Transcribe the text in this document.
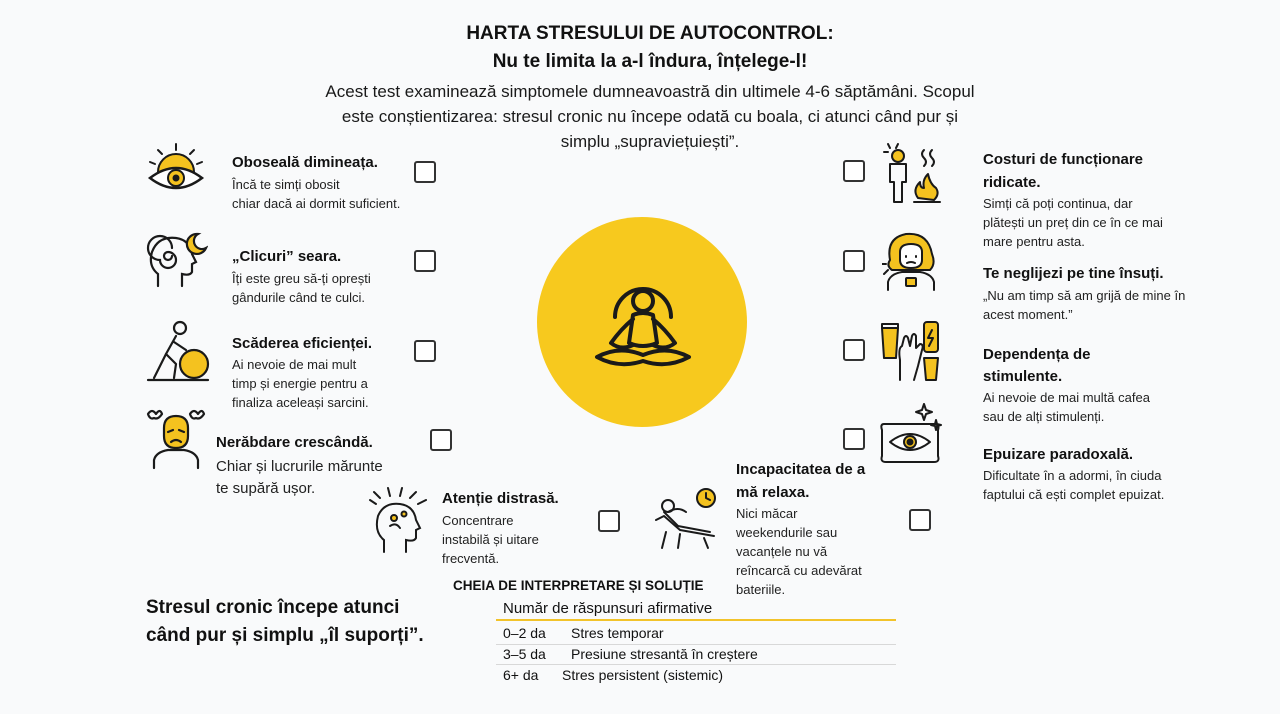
HARTA STRESULUI DE AUTOCONTROL:
Nu te limita la a-l îndura, înțelege-l!
Acest test examinează simptomele dumneavoastră din ultimele 4-6 săptămâni. Scopul
este conștientizarea: stresul cronic nu începe odată cu boala, ci atunci când pur și
simplu „supraviețuiești”.
Oboseală dimineața.
Încă te simți obosit
chiar dacă ai dormit suficient.
„Clicuri” seara.
Îți este greu să-ți oprești
gândurile când te culci.
Scăderea eficienței.
Ai nevoie de mai mult
timp și energie pentru a
finaliza aceleași sarcini.
Nerăbdare crescândă.
Chiar și lucrurile mărunte
te supără ușor.
Atenție distrasă.
Concentrare
instabilă și uitare
frecventă.
Incapacitatea de a
mă relaxa.
Nici măcar
weekendurile sau
vacanțele nu vă
reîncarcă cu adevărat
bateriile.
Costuri de funcționare
ridicate.
Simți că poți continua, dar
plătești un preț din ce în ce mai
mare pentru asta.
Te neglijezi pe tine însuți.
„Nu am timp să am grijă de mine în
acest moment.”
Dependența de
stimulente.
Ai nevoie de mai multă cafea
sau de alți stimulenți.
Epuizare paradoxală.
Dificultate în a adormi, în ciuda
faptului că ești complet epuizat.
Stresul cronic începe atunci
când pur și simplu „îl suporți”.
CHEIA DE INTERPRETARE ȘI SOLUȚIE
Număr de răspunsuri afirmative
0–2 da Stres temporar
3–5 da Presiune stresantă în creștere
6+ da Stres persistent (sistemic)
